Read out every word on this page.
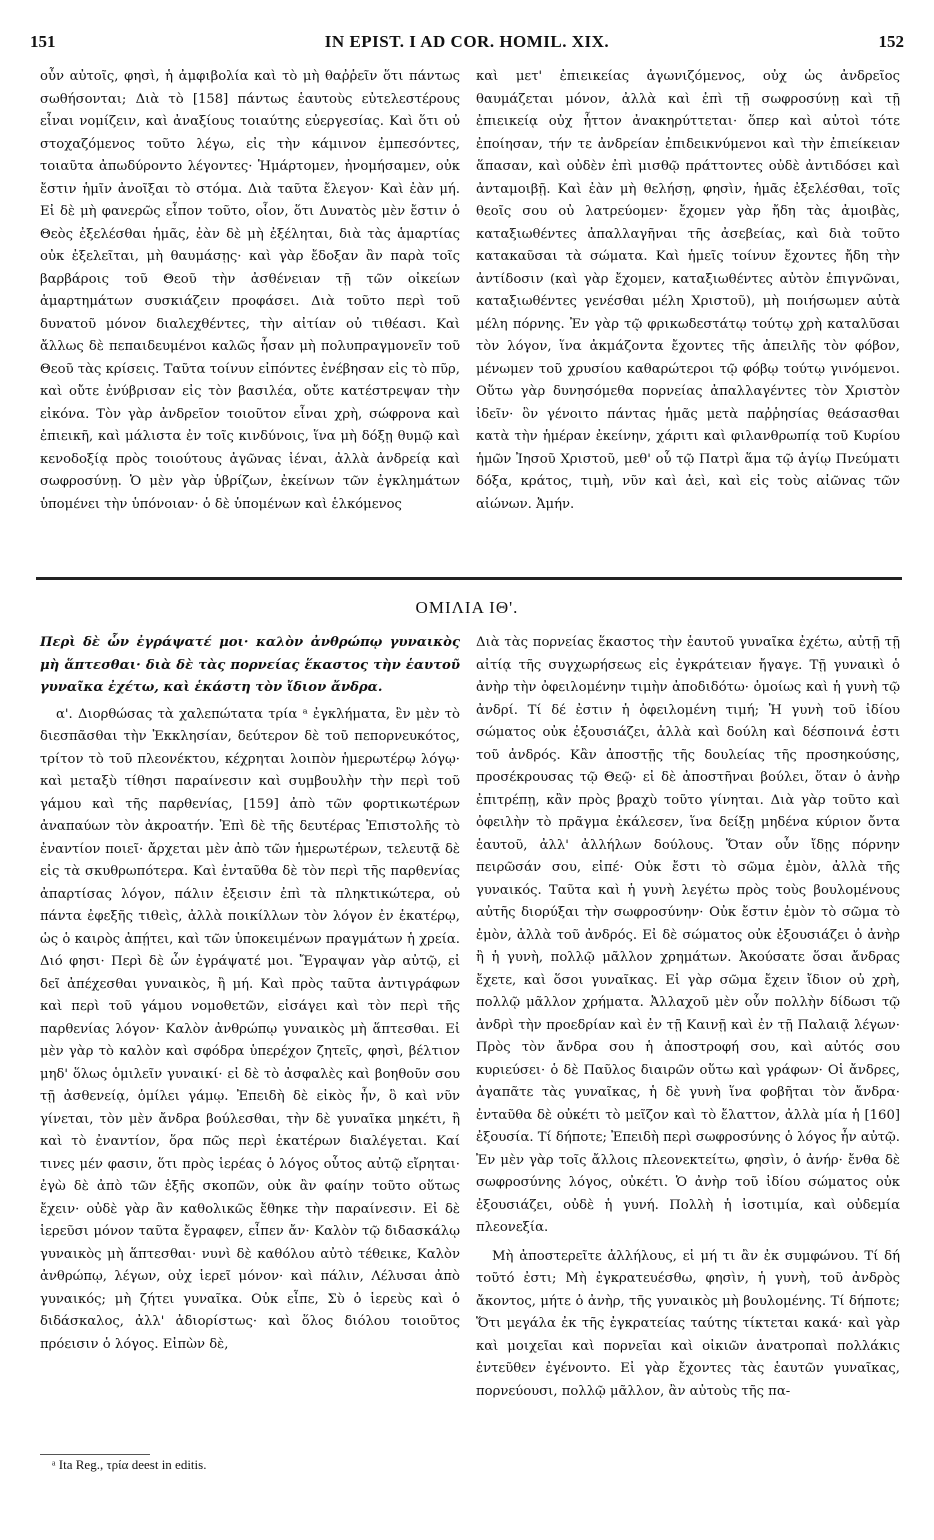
151	IN EPIST. I AD COR. HOMIL. XIX.	152

οὖν αὐτοῖς, φησὶ, ἡ ἀμφιβολία καὶ τὸ μὴ θαῤῥεῖν ὅτι πάντως σωθήσονται; Διὰ τὸ [158] πάντως ἑαυτοὺς εὐτελεστέρους εἶναι νομίζειν, καὶ ἀναξίους τοιαύτης εὐεργεσίας. Καὶ ὅτι οὐ στοχαζόμενος τοῦτο λέγω, εἰς τὴν κάμινον ἐμπεσόντες, τοιαῦτα ἀπωδύροντο λέγοντες· Ἡμάρτομεν, ἠνομήσαμεν, οὐκ ἔστιν ἡμῖν ἀνοῖξαι τὸ στόμα. Διὰ ταῦτα ἔλεγον· Καὶ ἐὰν μή. Εἰ δὲ μὴ φανερῶς εἶπον τοῦτο, οἷον, ὅτι Δυνατὸς μὲν ἔστιν ὁ Θεὸς ἐξελέσθαι ἡμᾶς, ἐὰν δὲ μὴ ἐξέληται, διὰ τὰς ἁμαρτίας οὐκ ἐξελεῖται, μὴ θαυμάσῃς· καὶ γὰρ ἔδοξαν ἂν παρὰ τοῖς βαρβάροις τοῦ Θεοῦ τὴν ἀσθένειαν τῇ τῶν οἰκείων ἁμαρτημάτων συσκιάζειν προφάσει. Διὰ τοῦτο περὶ τοῦ δυνατοῦ μόνον διαλεχθέντες, τὴν αἰτίαν οὐ τιθέασι. Καὶ ἄλλως δὲ πεπαιδευμένοι καλῶς ἦσαν μὴ πολυπραγμονεῖν τοῦ Θεοῦ τὰς κρίσεις. Ταῦτα τοίνυν εἰπόντες ἐνέβησαν εἰς τὸ πῦρ, καὶ οὔτε ἐνύβρισαν εἰς τὸν βασιλέα, οὔτε κατέστρεψαν τὴν εἰκόνα. Τὸν γὰρ ἀνδρεῖον τοιοῦτον εἶναι χρὴ, σώφρονα καὶ ἐπιεικῆ, καὶ μάλιστα ἐν τοῖς κινδύνοις, ἵνα μὴ δόξῃ θυμῷ καὶ κενοδοξίᾳ πρὸς τοιούτους ἀγῶνας ἰέναι, ἀλλὰ ἀνδρείᾳ καὶ σωφροσύνῃ. Ὁ μὲν γὰρ ὑβρίζων, ἐκείνων τῶν ἐγκλημάτων ὑπομένει τὴν ὑπόνοιαν· ὁ δὲ ὑπομένων καὶ ἑλκόμενος

καὶ μετ' ἐπιεικείας ἀγωνιζόμενος, οὐχ ὡς ἀνδρεῖος θαυμάζεται μόνον, ἀλλὰ καὶ ἐπὶ τῇ σωφροσύνῃ καὶ τῇ ἐπιεικείᾳ οὐχ ἧττον ἀνακηρύττεται· ὅπερ καὶ αὐτοὶ τότε ἐποίησαν, τήν τε ἀνδρείαν ἐπιδεικνύμενοι καὶ τὴν ἐπιείκειαν ἅπασαν, καὶ οὐδὲν ἐπὶ μισθῷ πράττοντες οὐδὲ ἀντιδόσει καὶ ἀνταμοιβῇ. Καὶ ἐὰν μὴ θελήσῃ, φησὶν, ἡμᾶς ἐξελέσθαι, τοῖς θεοῖς σου οὐ λατρεύομεν· ἔχομεν γὰρ ἤδη τὰς ἀμοιβὰς, καταξιωθέντες ἀπαλλαγῆναι τῆς ἀσεβείας, καὶ διὰ τοῦτο κατακαῦσαι τὰ σώματα. Καὶ ἡμεῖς τοίνυν ἔχοντες ἤδη τὴν ἀντίδοσιν (καὶ γὰρ ἔχομεν, καταξιωθέντες αὐτὸν ἐπιγνῶναι, καταξιωθέντες γενέσθαι μέλη Χριστοῦ), μὴ ποιήσωμεν αὐτὰ μέλη πόρνης. Ἐν γὰρ τῷ φρικωδεστάτῳ τούτῳ χρὴ καταλῦσαι τὸν λόγον, ἵνα ἀκμάζοντα ἔχοντες τῆς ἀπειλῆς τὸν φόβον, μένωμεν τοῦ χρυσίου καθαρώτεροι τῷ φόβῳ τούτῳ γινόμενοι. Οὕτω γὰρ δυνησόμεθα πορνείας ἀπαλλαγέντες τὸν Χριστὸν ἰδεῖν· ὃν γένοιτο πάντας ἡμᾶς μετὰ παῤῥησίας θεάσασθαι κατὰ τὴν ἡμέραν ἐκείνην, χάριτι καὶ φιλανθρωπίᾳ τοῦ Κυρίου ἡμῶν Ἰησοῦ Χριστοῦ, μεθ' οὗ τῷ Πατρὶ ἅμα τῷ ἁγίῳ Πνεύματι δόξα, κράτος, τιμὴ, νῦν καὶ ἀεὶ, καὶ εἰς τοὺς αἰῶνας τῶν αἰώνων. Ἀμήν.

ΟΜΙΛΙΑ ΙΘ'.

Περὶ δὲ ὧν ἐγράψατέ μοι· καλὸν ἀνθρώπῳ γυναικὸς μὴ ἅπτεσθαι· διὰ δὲ τὰς πορνείας ἕκαστος τὴν ἑαυτοῦ γυναῖκα ἐχέτω, καὶ ἑκάστη τὸν ἴδιον ἄνδρα.

α'. Διορθώσας τὰ χαλεπώτατα τρία ᵃ ἐγκλήματα, ἓν μὲν τὸ διεσπᾶσθαι τὴν Ἐκκλησίαν, δεύτερον δὲ τοῦ πεπορνευκότος, τρίτον τὸ τοῦ πλεονέκτου, κέχρηται λοιπὸν ἡμερωτέρῳ λόγῳ· καὶ μεταξὺ τίθησι παραίνεσιν καὶ συμβουλὴν τὴν περὶ τοῦ γάμου καὶ τῆς παρθενίας, [159] ἀπὸ τῶν φορτικωτέρων ἀναπαύων τὸν ἀκροατήν. Ἐπὶ δὲ τῆς δευτέρας Ἐπιστολῆς τὸ ἐναντίον ποιεῖ· ἄρχεται μὲν ἀπὸ τῶν ἡμερωτέρων, τελευτᾷ δὲ εἰς τὰ σκυθρωπότερα. Καὶ ἐνταῦθα δὲ τὸν περὶ τῆς παρθενίας ἀπαρτίσας λόγον, πάλιν ἐξεισιν ἐπὶ τὰ πληκτικώτερα, οὐ πάντα ἐφεξῆς τιθεὶς, ἀλλὰ ποικίλλων τὸν λόγον ἐν ἑκατέρῳ, ὡς ὁ καιρὸς ἀπῄτει, καὶ τῶν ὑποκειμένων πραγμάτων ἡ χρεία. Διό φησι· Περὶ δὲ ὧν ἐγράψατέ μοι. Ἔγραψαν γὰρ αὐτῷ, εἰ δεῖ ἀπέχεσθαι γυναικὸς, ἢ μή. Καὶ πρὸς ταῦτα ἀντιγράφων καὶ περὶ τοῦ γάμου νομοθετῶν, εἰσάγει καὶ τὸν περὶ τῆς παρθενίας λόγον· Καλὸν ἀνθρώπῳ γυναικὸς μὴ ἅπτεσθαι. Εἰ μὲν γὰρ τὸ καλὸν καὶ σφόδρα ὑπερέχον ζητεῖς, φησὶ, βέλτιον μηδ' ὅλως ὁμιλεῖν γυναικί· εἰ δὲ τὸ ἀσφαλὲς καὶ βοηθοῦν σου τῇ ἀσθενείᾳ, ὁμίλει γάμῳ. Ἐπειδὴ δὲ εἰκὸς ἦν, ὃ καὶ νῦν γίνεται, τὸν μὲν ἄνδρα βούλεσθαι, τὴν δὲ γυναῖκα μηκέτι, ἢ καὶ τὸ ἐναντίον, ὅρα πῶς περὶ ἑκατέρων διαλέγεται. Καί τινες μέν φασιν, ὅτι πρὸς ἱερέας ὁ λόγος οὗτος αὐτῷ εἴρηται· ἐγὼ δὲ ἀπὸ τῶν ἑξῆς σκοπῶν, οὐκ ἂν φαίην τοῦτο οὕτως ἔχειν· οὐδὲ γὰρ ἂν καθολικῶς ἔθηκε τὴν παραίνεσιν. Εἰ δὲ ἱερεῦσι μόνον ταῦτα ἔγραφεν, εἶπεν ἄν· Καλὸν τῷ διδασκάλῳ γυναικὸς μὴ ἅπτεσθαι· νυνὶ δὲ καθόλου αὐτὸ τέθεικε, Καλὸν ἀνθρώπῳ, λέγων, οὐχ ἱερεῖ μόνον· καὶ πάλιν, Λέλυσαι ἀπὸ γυναικός; μὴ ζήτει γυναῖκα. Οὐκ εἶπε, Σὺ ὁ ἱερεὺς καὶ ὁ διδάσκαλος, ἀλλ' ἀδιορίστως· καὶ ὅλος διόλου τοιοῦτος πρόεισιν ὁ λόγος. Εἰπὼν δὲ,

Διὰ τὰς πορνείας ἕκαστος τὴν ἑαυτοῦ γυναῖκα ἐχέτω, αὐτῇ τῇ αἰτίᾳ τῆς συγχωρήσεως εἰς ἐγκράτειαν ἤγαγε. Τῇ γυναικὶ ὁ ἀνὴρ τὴν ὀφειλομένην τιμὴν ἀποδιδότω· ὁμοίως καὶ ἡ γυνὴ τῷ ἀνδρί. Τί δέ ἐστιν ἡ ὀφειλομένη τιμή; Ἡ γυνὴ τοῦ ἰδίου σώματος οὐκ ἐξουσιάζει, ἀλλὰ καὶ δούλη καὶ δέσποινά ἐστι τοῦ ἀνδρός. Κἂν ἀποστῇς τῆς δουλείας τῆς προσηκούσης, προσέκρουσας τῷ Θεῷ· εἰ δὲ ἀποστῆναι βούλει, ὅταν ὁ ἀνὴρ ἐπιτρέπῃ, κἂν πρὸς βραχὺ τοῦτο γίνηται. Διὰ γὰρ τοῦτο καὶ ὀφειλὴν τὸ πρᾶγμα ἐκάλεσεν, ἵνα δείξῃ μηδένα κύριον ὄντα ἑαυτοῦ, ἀλλ' ἀλλήλων δούλους. Ὅταν οὖν ἴδῃς πόρνην πειρῶσάν σου, εἰπέ· Οὐκ ἔστι τὸ σῶμα ἐμὸν, ἀλλὰ τῆς γυναικός. Ταῦτα καὶ ἡ γυνὴ λεγέτω πρὸς τοὺς βουλομένους αὐτῆς διορύξαι τὴν σωφροσύνην· Οὐκ ἔστιν ἐμὸν τὸ σῶμα τὸ ἐμὸν, ἀλλὰ τοῦ ἀνδρός. Εἰ δὲ σώματος οὐκ ἐξουσιάζει ὁ ἀνὴρ ἢ ἡ γυνὴ, πολλῷ μᾶλλον χρημάτων. Ἀκούσατε ὅσαι ἄνδρας ἔχετε, καὶ ὅσοι γυναῖκας. Εἰ γὰρ σῶμα ἔχειν ἴδιον οὐ χρὴ, πολλῷ μᾶλλον χρήματα. Ἀλλαχοῦ μὲν οὖν πολλὴν δίδωσι τῷ ἀνδρὶ τὴν προεδρίαν καὶ ἐν τῇ Καινῇ καὶ ἐν τῇ Παλαιᾷ λέγων· Πρὸς τὸν ἄνδρα σου ἡ ἀποστροφή σου, καὶ αὐτός σου κυριεύσει· ὁ δὲ Παῦλος διαιρῶν οὕτω καὶ γράφων· Οἱ ἄνδρες, ἀγαπᾶτε τὰς γυναῖκας, ἡ δὲ γυνὴ ἵνα φοβῆται τὸν ἄνδρα· ἐνταῦθα δὲ οὐκέτι τὸ μεῖζον καὶ τὸ ἔλαττον, ἀλλὰ μία ἡ [160] ἐξουσία. Τί δήποτε; Ἐπειδὴ περὶ σωφροσύνης ὁ λόγος ἦν αὐτῷ. Ἐν μὲν γὰρ τοῖς ἄλλοις πλεονεκτείτω, φησὶν, ὁ ἀνήρ· ἔνθα δὲ σωφροσύνης λόγος, οὐκέτι. Ὁ ἀνὴρ τοῦ ἰδίου σώματος οὐκ ἐξουσιάζει, οὐδὲ ἡ γυνή. Πολλὴ ἡ ἰσοτιμία, καὶ οὐδεμία πλεονεξία.

Μὴ ἀποστερεῖτε ἀλλήλους, εἰ μή τι ἂν ἐκ συμφώνου. Τί δή τοῦτό ἐστι; Μὴ ἐγκρατευέσθω, φησὶν, ἡ γυνὴ, τοῦ ἀνδρὸς ἄκοντος, μήτε ὁ ἀνὴρ, τῆς γυναικὸς μὴ βουλομένης. Τί δήποτε; Ὅτι μεγάλα ἐκ τῆς ἐγκρατείας ταύτης τίκτεται κακά· καὶ γὰρ καὶ μοιχεῖαι καὶ πορνεῖαι καὶ οἰκιῶν ἀνατροπαὶ πολλάκις ἐντεῦθεν ἐγένοντο. Εἰ γὰρ ἔχοντες τὰς ἑαυτῶν γυναῖκας, πορνεύουσι, πολλῷ μᾶλλον, ἂν αὐτοὺς τῆς πα-

ᵃ Ita Reg., τρία deest in editis.
